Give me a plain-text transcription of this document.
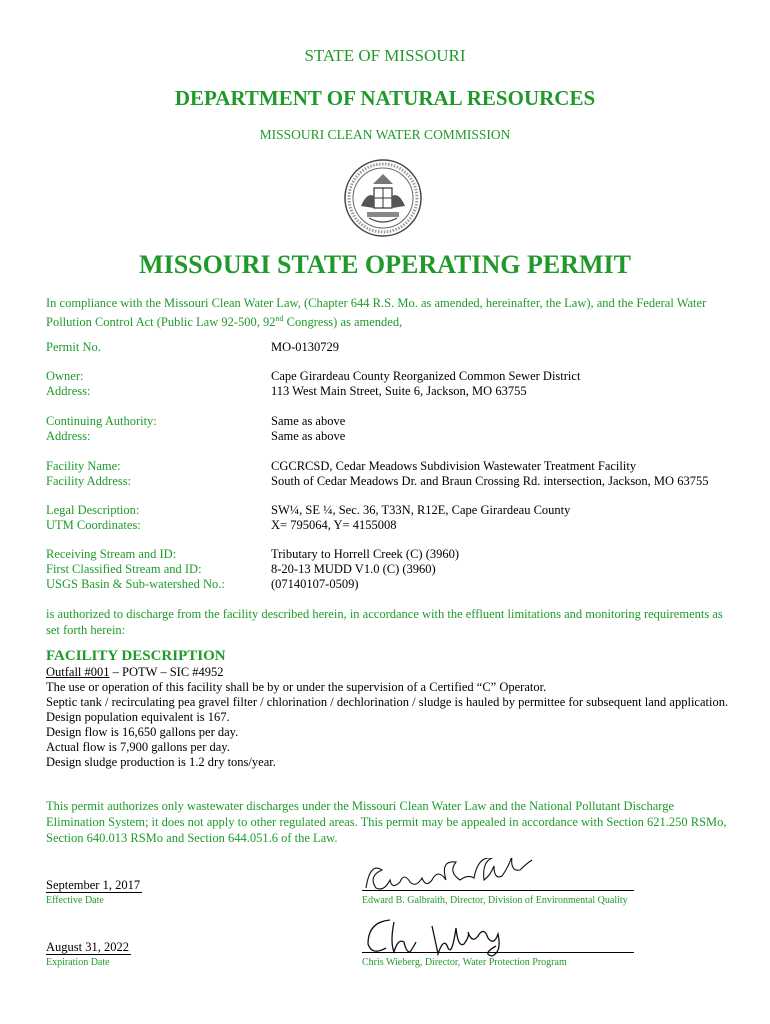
STATE OF MISSOURI
DEPARTMENT OF NATURAL RESOURCES
MISSOURI CLEAN WATER COMMISSION
MISSOURI STATE OPERATING PERMIT
In compliance with the Missouri Clean Water Law, (Chapter 644 R.S. Mo. as amended, hereinafter, the Law), and the Federal Water Pollution Control Act (Public Law 92-500, 92nd Congress) as amended,
Permit No.	MO-0130729
Owner:	Cape Girardeau County Reorganized Common Sewer District
Address:	113 West Main Street, Suite 6, Jackson, MO 63755
Continuing Authority:	Same as above
Address:	Same as above
Facility Name:	CGCRCSD, Cedar Meadows Subdivision Wastewater Treatment Facility
Facility Address:	South of Cedar Meadows Dr. and Braun Crossing Rd. intersection, Jackson, MO 63755
Legal Description:	SW¼, SE ¼, Sec. 36, T33N, R12E, Cape Girardeau County
UTM Coordinates:	X= 795064, Y= 4155008
Receiving Stream and ID:	Tributary to Horrell Creek (C) (3960)
First Classified Stream and ID:	8-20-13 MUDD V1.0 (C) (3960)
USGS Basin & Sub-watershed No.:	(07140107-0509)
is authorized to discharge from the facility described herein, in accordance with the effluent limitations and monitoring requirements as set forth herein:
FACILITY DESCRIPTION
Outfall #001 – POTW – SIC #4952
The use or operation of this facility shall be by or under the supervision of a Certified “C” Operator.
Septic tank / recirculating pea gravel filter / chlorination / dechlorination / sludge is hauled by permittee for subsequent land application.
Design population equivalent is 167.
Design flow is 16,650 gallons per day.
Actual flow is 7,900 gallons per day.
Design sludge production is 1.2 dry tons/year.
This permit authorizes only wastewater discharges under the Missouri Clean Water Law and the National Pollutant Discharge Elimination System; it does not apply to other regulated areas. This permit may be appealed in accordance with Section 621.250 RSMo, Section 640.013 RSMo and Section 644.051.6 of the Law.
September 1, 2017
Effective Date	Edward B. Galbraith, Director, Division of Environmental Quality
August 31, 2022
Expiration Date	Chris Wieberg, Director, Water Protection Program
